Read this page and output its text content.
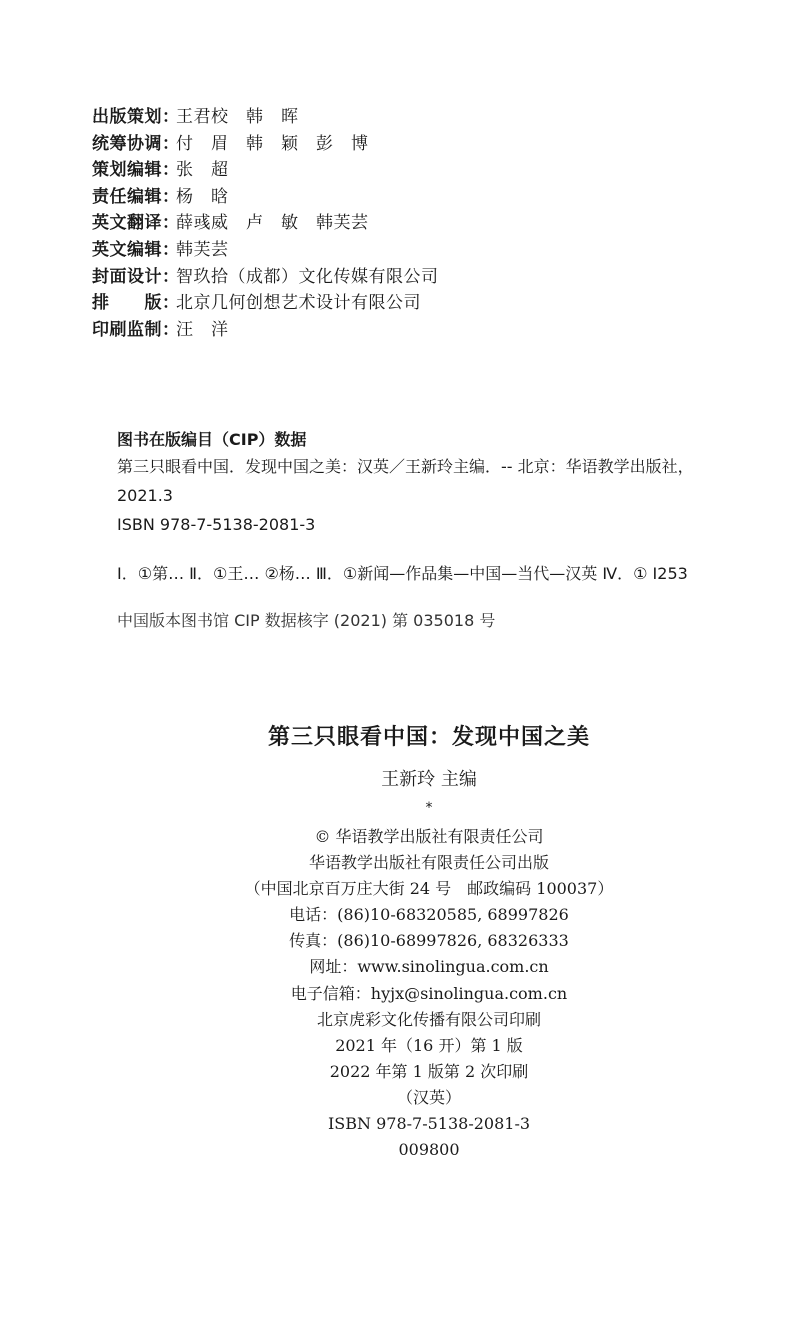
出版策划：
王君校　韩　晖
统筹协调：
付　眉　韩　颖　彭　博
策划编辑：
张　超
责任编辑：
杨　晗
英文翻译：
薛彧威　卢　敏　韩芙芸
英文编辑：
韩芙芸
封面设计：
智玖拾（成都）文化传媒有限公司
排　　版：
北京几何创想艺术设计有限公司
印刷监制：
汪　洋
图书在版编目（CIP）数据
第三只眼看中国．发现中国之美：汉英／王新玲主编．-- 北京：华语教学出版社，
2021.3
ISBN 978-7-5138-2081-3
Ⅰ．①第… Ⅱ．①王… ②杨… Ⅲ．①新闻—作品集—中国—当代—汉英 Ⅳ．① I253
中国版本图书馆 CIP 数据核字 (2021) 第 035018 号
第三只眼看中国：发现中国之美
王新玲 主编
*
© 华语教学出版社有限责任公司
华语教学出版社有限责任公司出版
（中国北京百万庄大街 24 号　邮政编码 100037）
电话：(86)10-68320585, 68997826
传真：(86)10-68997826, 68326333
网址：www.sinolingua.com.cn
电子信箱：hyjx@sinolingua.com.cn
北京虎彩文化传播有限公司印刷
2021 年（16 开）第 1 版
2022 年第 1 版第 2 次印刷
（汉英）
ISBN 978-7-5138-2081-3
009800
